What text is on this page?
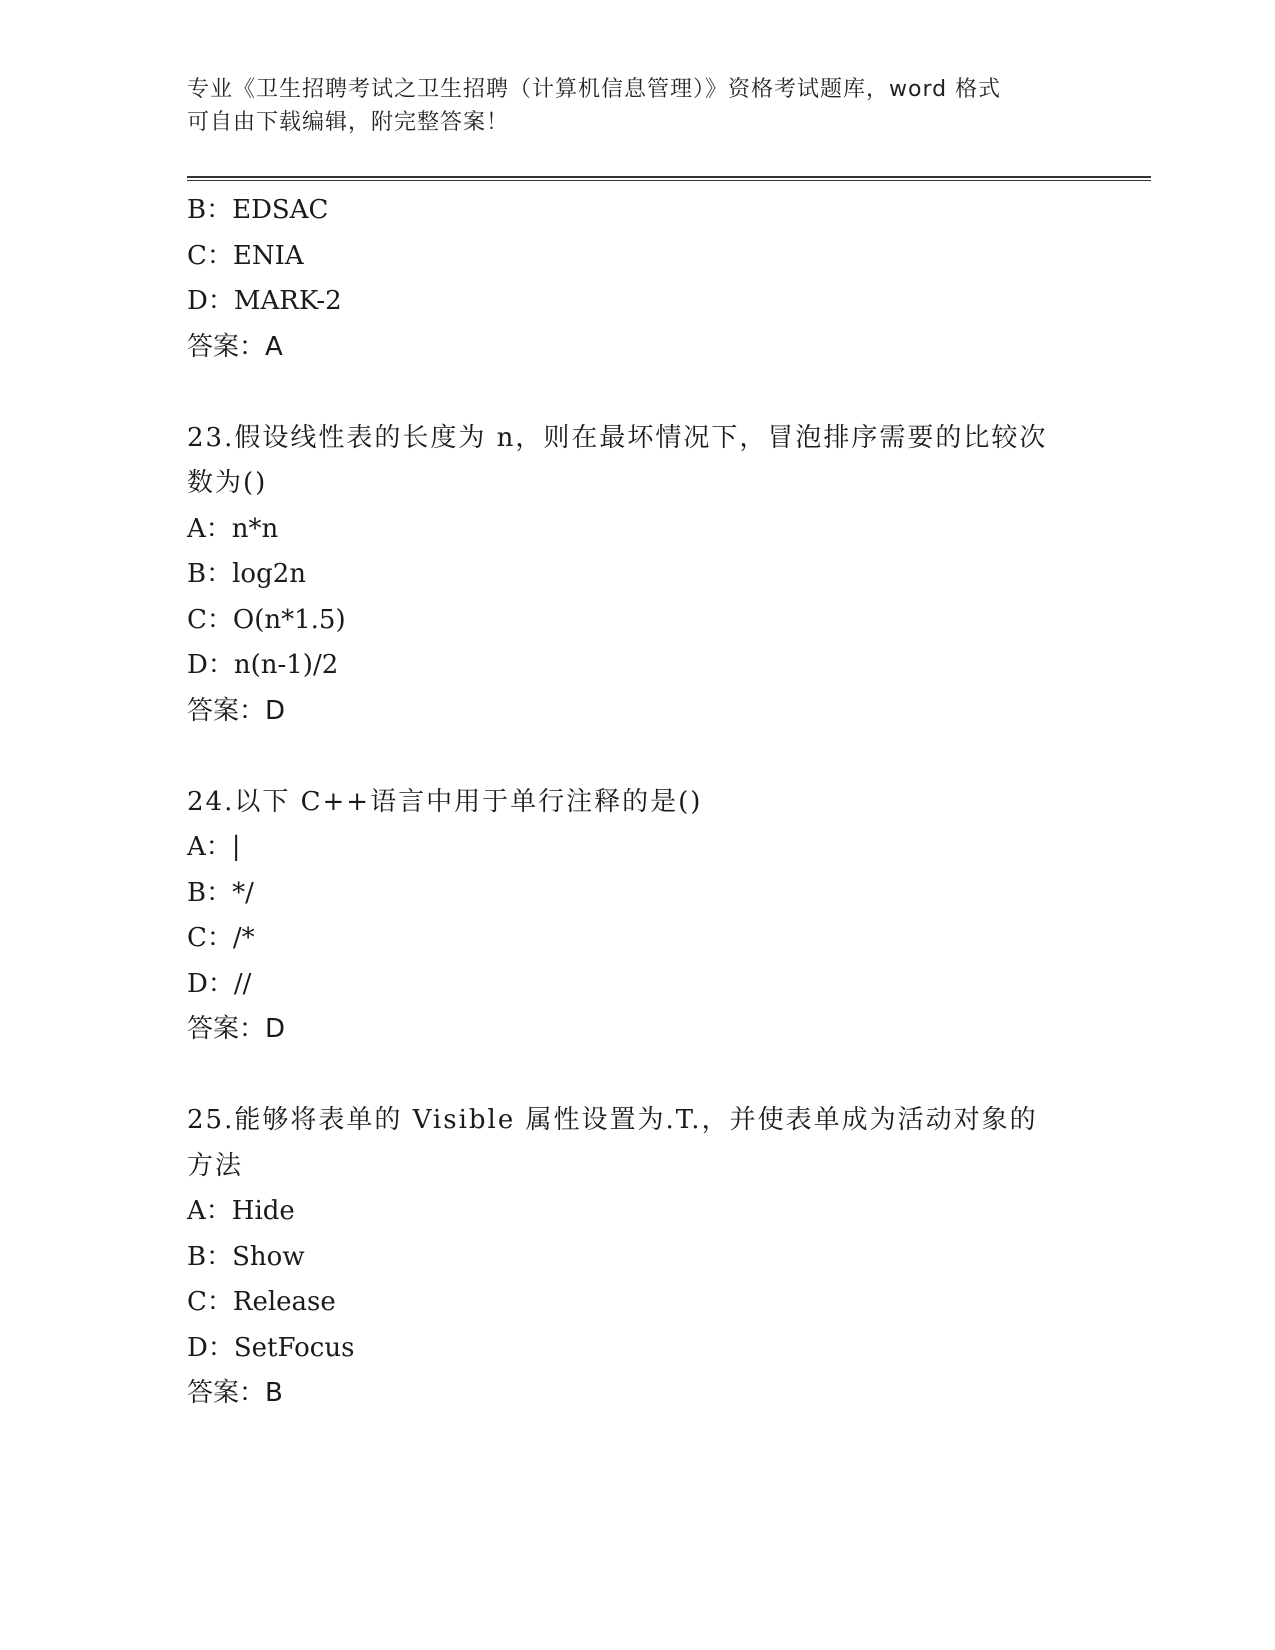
专业《卫生招聘考试之卫生招聘（计算机信息管理）》资格考试题库，word 格式
可自由下载编辑，附完整答案！
B：EDSAC
C：ENIA
D：MARK-2
答案：A
23.假设线性表的长度为 n，则在最坏情况下，冒泡排序需要的比较次
数为()
A：n*n
B：log2n
C：O(n*1.5)
D：n(n-1)/2
答案：D
24.以下 C++语言中用于单行注释的是()
A：|
B：*/
C：/*
D：//
答案：D
25.能够将表单的 Visible 属性设置为.T.，并使表单成为活动对象的
方法
A：Hide
B：Show
C：Release
D：SetFocus
答案：B
